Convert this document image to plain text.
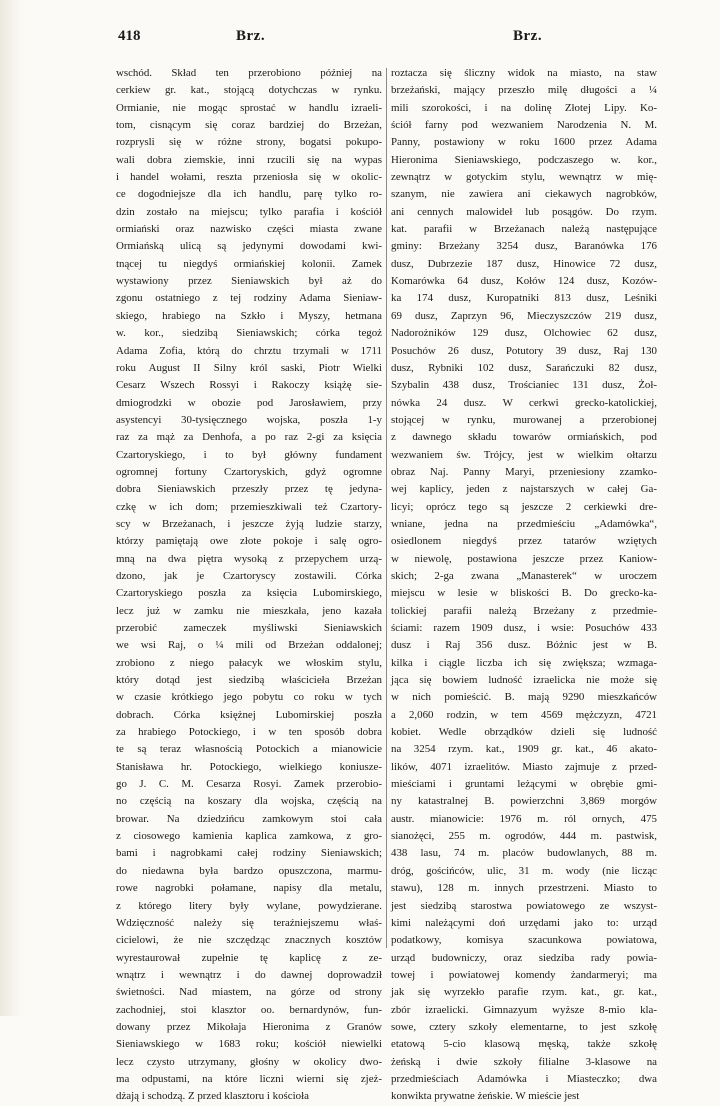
418	Brz.	Brz.
wschód. Skład ten przerobiono później na
cerkiew gr. kat., stojącą dotychczas w rynku.
Ormianie, nie mogąc sprostać w handlu izraeli-
tom, cisnącym się coraz bardziej do Brzeżan,
rozprysli się w różne strony, bogatsi pokupo-
wali dobra ziemskie, inni rzucili się na wypas
i handel wołami, reszta przeniosła się w okolic-
ce dogodniejsze dla ich handlu, parę tylko ro-
dzin zostało na miejscu; tylko parafia i kościół
ormiański oraz nazwisko części miasta zwane
Ormiańską ulicą są jedynymi dowodami kwi-
tnącej tu niegdyś ormiańskiej kolonii. Zamek
wystawiony przez Sieniawskich był aż do
zgonu ostatniego z tej rodziny Adama Sieniaw-
skiego, hrabiego na Szkło i Myszy, hetmana
w. kor., siedzibą Sieniawskich; córka tegoż
Adama Zofia, którą do chrztu trzymali w 1711
roku August II Silny król saski, Piotr Wielki
Cesarz Wszech Rossyi i Rakoczy książę sie-
dmiogrodzki w obozie pod Jarosławiem, przy
asystencyi 30-tysięcznego wojska, poszła 1-y
raz za mąż za Denhofa, a po raz 2-gi za księcia
Czartoryskiego, i to był główny fundament
ogromnej fortuny Czartoryskich, gdyż ogromne
dobra Sieniawskich przeszły przez tę jedyna-
czkę w ich dom; przemieszkiwali też Czartory-
scy w Brzeżanach, i jeszcze żyją ludzie starzy,
którzy pamiętają owe złote pokoje i salę ogro-
mną na dwa piętra wysoką z przepychem urzą-
dzono, jak je Czartoryscy zostawili. Córka
Czartoryskiego poszła za księcia Lubomirskiego,
lecz już w zamku nie mieszkała, jeno kazała
przerobić zameczek myśliwski Sieniawskich
we wsi Raj, o ¼ mili od Brzeżan oddalonej;
zrobiono z niego pałacyk we włoskim stylu,
który dotąd jest siedzibą właścicieła Brzeżan
w czasie krótkiego jego pobytu co roku w tych
dobrach. Córka księżnej Lubomirskiej poszła
za hrabiego Potockiego, i w ten sposób dobra
te są teraz własnością Potockich a mianowicie
Stanisława hr. Potockiego, wielkiego koniusze-
go J. C. M. Cesarza Rosyi. Zamek przerobio-
no częścią na koszary dla wojska, częścią na
browar. Na dziedzińcu zamkowym stoi cała
z ciosowego kamienia kaplica zamkowa, z gro-
bami i nagrobkami całej rodziny Sieniawskich;
do niedawna była bardzo opuszczona, marmu-
rowe nagrobki połamane, napisy dla metalu,
z którego litery były wylane, powydzierane.
Wdzięczność należy się teraźniejszemu właś-
cicielowi, że nie szczędząc znacznych kosztów
wyrestaurował zupełnie tę kaplicę z ze-
wnątrz i wewnątrz i do dawnej doprowadził
świetności. Nad miastem, na górze od strony
zachodniej, stoi klasztor oo. bernardynów, fun-
dowany przez Mikołaja Hieronima z Granów
Sieniawskiego w 1683 roku; kościół niewielki
lecz czysto utrzymany, głośny w okolicy dwo-
ma odpustami, na które liczni wierni się zjeż-
dżają i schodzą. Z przed klasztoru i kościoła
roztacza się śliczny widok na miasto, na staw
brzeżański, mający przeszło milę długości a ¼
mili szorokości, i na dolinę Złotej Lipy. Ko-
ściół farny pod wezwaniem Narodzenia N. M.
Panny, postawiony w roku 1600 przez Adama
Hieronima Sieniawskiego, podczaszego w. kor.,
zewnątrz w gotyckim stylu, wewnątrz w mię-
szanym, nie zawiera ani ciekawych nagrobków,
ani cennych malowideł lub posągów. Do rzym.
kat. parafii w Brzeżanach należą następujące
gminy: Brzeżany 3254 dusz, Baranówka 176
dusz, Dubrzezie 187 dusz, Hinowice 72 dusz,
Komarówka 64 dusz, Kołów 124 dusz, Kozów-
ka 174 dusz, Kuropatniki 813 dusz, Leśniki
69 dusz, Zaprzyn 96, Mieczyszczów 219 dusz,
Nadorożników 129 dusz, Olchowiec 62 dusz,
Posuchów 26 dusz, Potutory 39 dusz, Raj 130
dusz, Rybniki 102 dusz, Sarańczuki 82 dusz,
Szybalin 438 dusz, Trościaniec 131 dusz, Żoł-
nówka 24 dusz. W cerkwi grecko-katolickiej,
stojącej w rynku, murowanej a przerobionej
z dawnego składu towarów ormiańskich, pod
wezwaniem św. Trójcy, jest w wielkim ołtarzu
obraz Naj. Panny Maryi, przeniesiony zzamko-
wej kaplicy, jeden z najstarszych w całej Ga-
licyi; oprócz tego są jeszcze 2 cerkiewki dre-
wniane, jedna na przedmieściu „Adamówka“,
osiedlonem niegdyś przez tatarów wziętych
w niewolę, postawiona jeszcze przez Kaniow-
skich; 2-ga zwana „Manasterek“ w uroczem
miejscu w lesie w bliskości B. Do grecko-ka-
tolickiej parafii należą Brzeżany z przedmie-
ściami: razem 1909 dusz, i wsie: Posuchów 433
dusz i Raj 356 dusz. Bóżnic jest w B.
kilka i ciągle liczba ich się zwiększa; wzmaga-
jąca się bowiem ludność izraelicka nie może się
w nich pomieścić. B. mają 9290 mieszkańców
a 2,060 rodzin, w tem 4569 mężczyzn, 4721
kobiet. Wedle obrządków dzieli się ludność
na 3254 rzym. kat., 1909 gr. kat., 46 akato-
lików, 4071 izraelitów. Miasto zajmuje z przed-
mieściami i gruntami leżącymi w obrębie gmi-
ny katastralnej B. powierzchni 3,869 morgów
austr. mianowicie: 1976 m. ról ornych, 475
sianożęci, 255 m. ogrodów, 444 m. pastwisk,
438 lasu, 74 m. placów budowlanych, 88 m.
dróg, gościńców, ulic, 31 m. wody (nie licząc
stawu), 128 m. innych przestrzeni. Miasto to
jest siedzibą starostwa powiatowego ze wszyst-
kimi należącymi doń urzędami jako to: urząd
podatkowy, komisya szacunkowa powiatowa,
urząd budowniczy, oraz siedziba rady powia-
towej i powiatowej komendy żandarmeryi; ma
jak się wyrzekło parafie rzym. kat., gr. kat.,
zbór izraelicki. Gimnazyum wyższe 8-mio kla-
sowe, cztery szkoły elementarne, to jest szkołę
etatową 5-cio klasową męską, także szkołę
żeńską i dwie szkoły filialne 3-klasowe na
przedmieściach Adamówka i Miasteczko; dwa
konwikta prywatne żeńskie. W mieście jest
